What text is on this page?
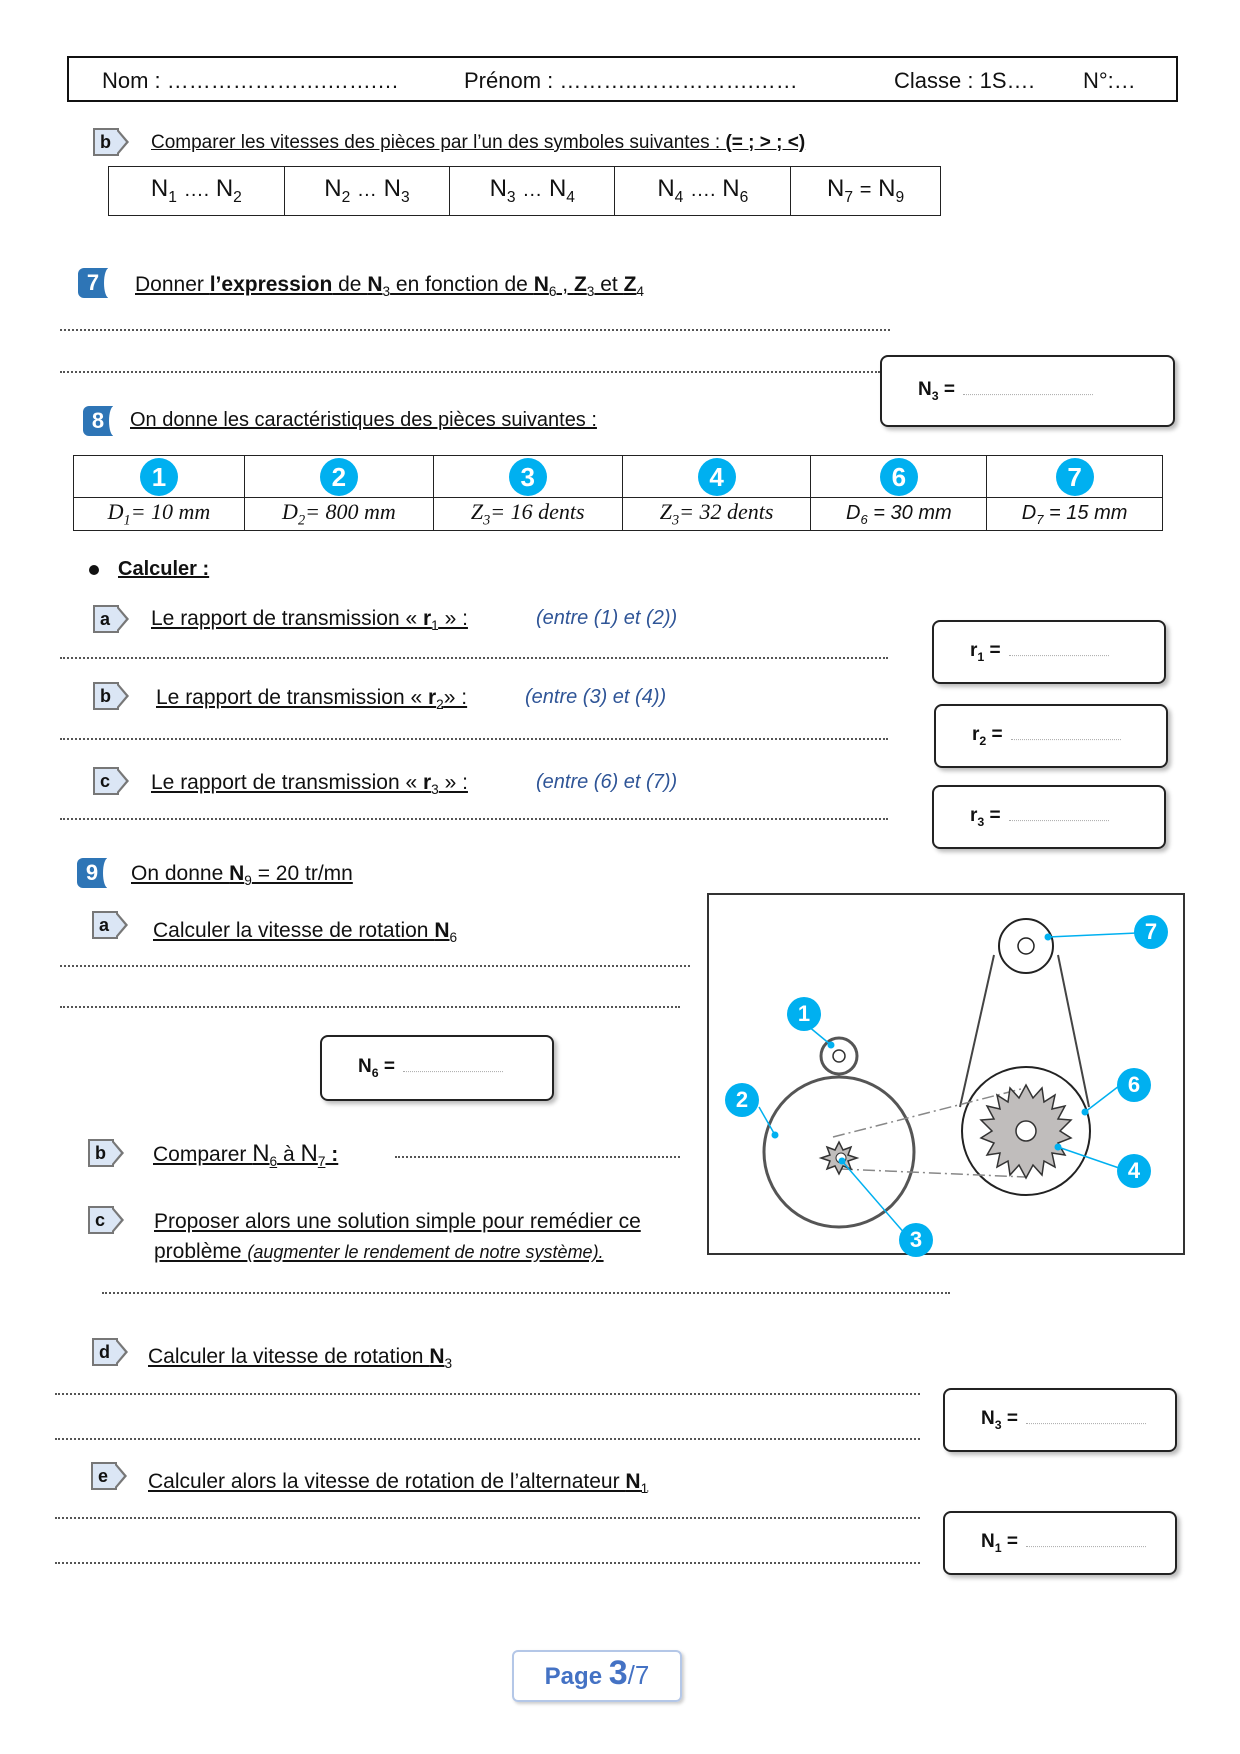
Nom : ………………….…….…	Prénom : ………..…………….……	Classe : 1S…. N°:…
b	Comparer les vitesses des pièces par l’un des symboles suivantes : (= ; > ; <)
$N_1$ …. $N_2$	$N_2$ … $N_3$	$N_3$ … $N_4$	$N_4$ …. $N_6$	$N_7 = N_9$
7	Donner l’expression de $N_3$ en fonction de $N_6$ , $Z_3$ et $Z_4$
$N_3$ =
8	On donne les caractéristiques des pièces suivantes :
1	2	3	4	6	7
$D_1= 10$ mm	$D_2= 800$ mm	$Z_3= 16$ dents	$Z_3= 32$ dents	$D_6 = 30$ mm	$D_7 = 15$ mm
Calculer :
a	Le rapport de transmission « $r_1$ » :	(entre (1) et (2))
$r_1$ =
b	Le rapport de transmission « $r_2$» :	(entre (3) et (4))
$r_2$ =
c	Le rapport de transmission « $r_3$ » :	(entre (6) et (7))
$r_3$ =
9	On donne $N_9 = 20$ tr/mn
a	Calculer la vitesse de rotation $N_6$
$N_6$ =
b	Comparer $N_6$ à $N_7$ :
c	Proposer alors une solution simple pour remédier ce
problème (augmenter le rendement de notre système).
d	Calculer la vitesse de rotation $N_3$
$N_3$ =
e	Calculer alors la vitesse de rotation de l’alternateur $N_1$
$N_1$ =
1
2
3
4
6
7
Page 3/7
